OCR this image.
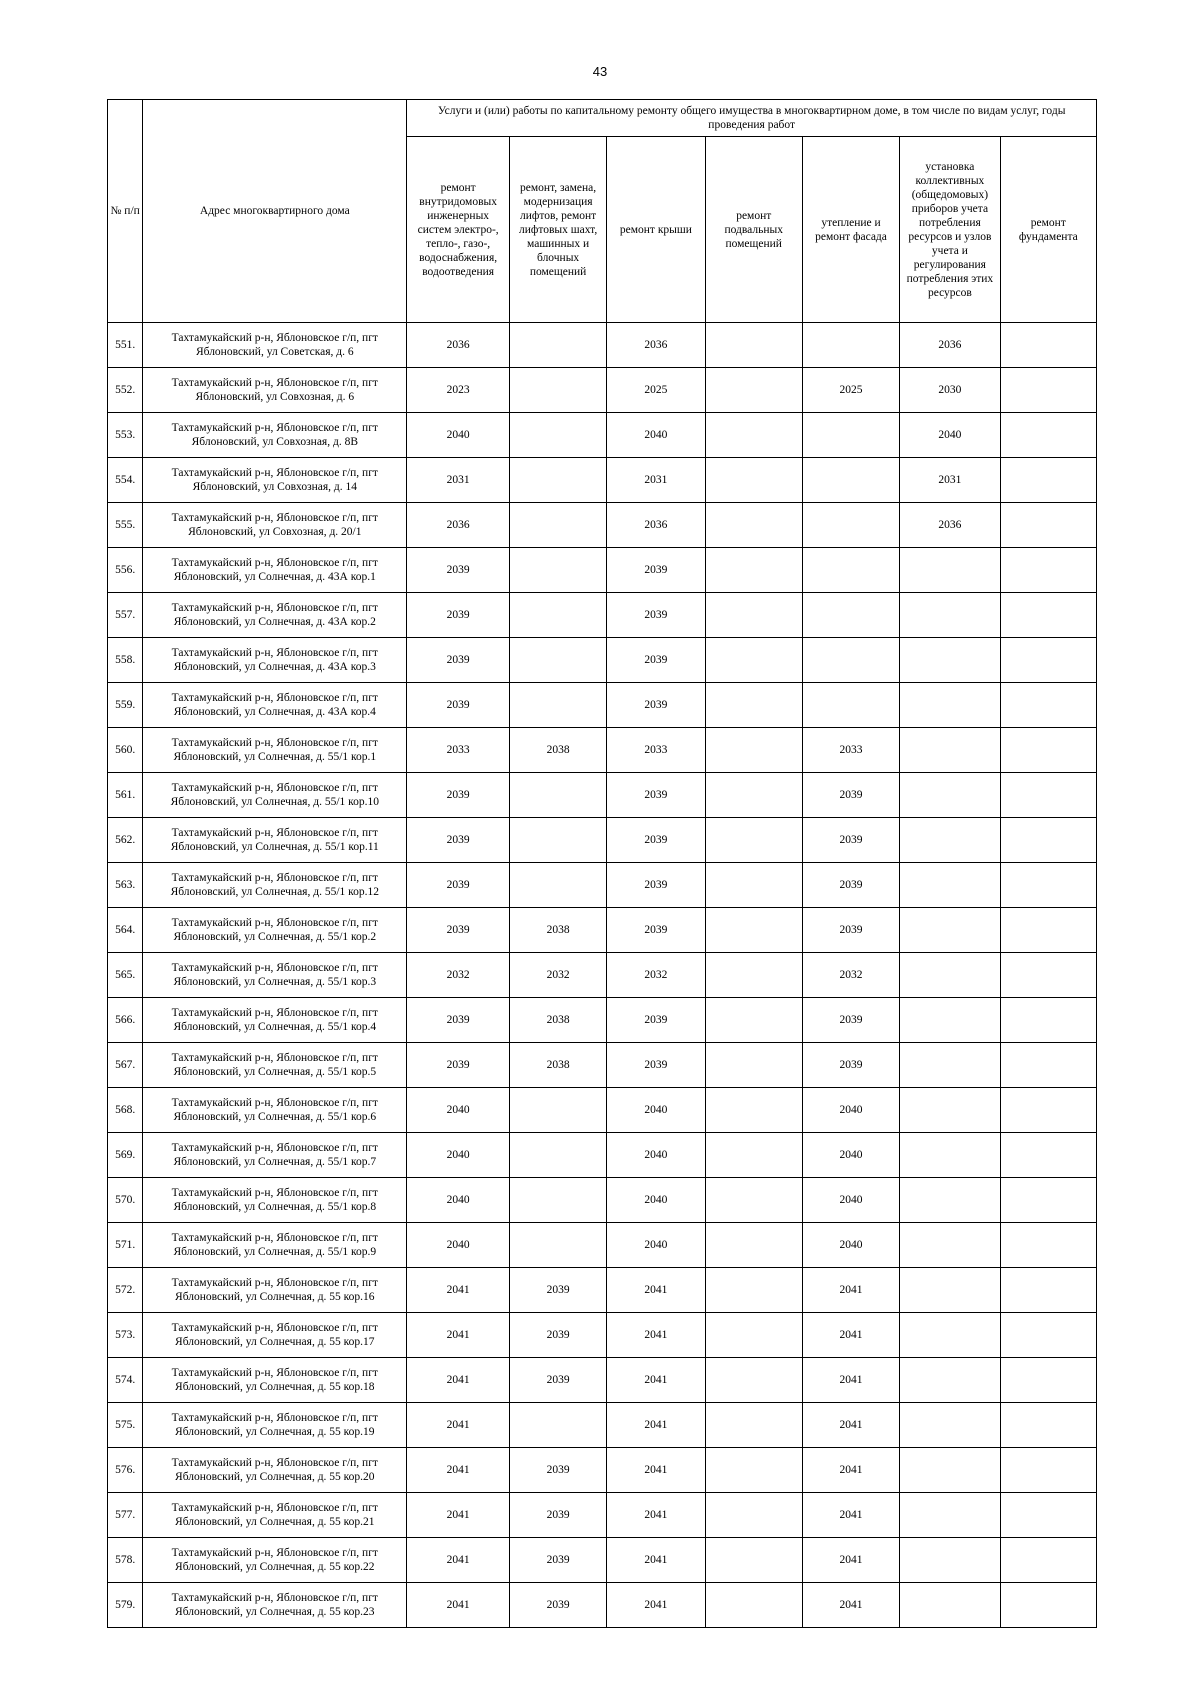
43
№ п/п	Адрес многоквартирного дома	Услуги и (или) работы по капитальному ремонту общего имущества в многоквартирном доме, в том числе по видам услуг, годы проведения работ						
		ремонт внутридомовых инженерных систем электро-, тепло-, газо-, водоснабжения, водоотведения	ремонт, замена, модернизация лифтов, ремонт лифтовых шахт, машинных и блочных помещений	ремонт крыши	ремонт подвальных помещений	утепление и ремонт фасада	установка коллективных (общедомовых) приборов учета потребления ресурсов и узлов учета и регулирования потребления этих ресурсов	ремонт фундамента
551.	Тахтамукайский р-н, Яблоновское г/п, пгт
Яблоновский, ул Советская, д. 6	2036		2036			2036	
552.	Тахтамукайский р-н, Яблоновское г/п, пгт
Яблоновский, ул Совхозная, д. 6	2023		2025		2025	2030	
553.	Тахтамукайский р-н, Яблоновское г/п, пгт
Яблоновский, ул Совхозная, д. 8В	2040		2040			2040	
554.	Тахтамукайский р-н, Яблоновское г/п, пгт
Яблоновский, ул Совхозная, д. 14	2031		2031			2031	
555.	Тахтамукайский р-н, Яблоновское г/п, пгт
Яблоновский, ул Совхозная, д. 20/1	2036		2036			2036	
556.	Тахтамукайский р-н, Яблоновское г/п, пгт
Яблоновский, ул Солнечная, д. 43А кор.1	2039		2039				
557.	Тахтамукайский р-н, Яблоновское г/п, пгт
Яблоновский, ул Солнечная, д. 43А кор.2	2039		2039				
558.	Тахтамукайский р-н, Яблоновское г/п, пгт
Яблоновский, ул Солнечная, д. 43А кор.3	2039		2039				
559.	Тахтамукайский р-н, Яблоновское г/п, пгт
Яблоновский, ул Солнечная, д. 43А кор.4	2039		2039				
560.	Тахтамукайский р-н, Яблоновское г/п, пгт
Яблоновский, ул Солнечная, д. 55/1 кор.1	2033	2038	2033		2033		
561.	Тахтамукайский р-н, Яблоновское г/п, пгт
Яблоновский, ул Солнечная, д. 55/1 кор.10	2039		2039		2039		
562.	Тахтамукайский р-н, Яблоновское г/п, пгт
Яблоновский, ул Солнечная, д. 55/1 кор.11	2039		2039		2039		
563.	Тахтамукайский р-н, Яблоновское г/п, пгт
Яблоновский, ул Солнечная, д. 55/1 кор.12	2039		2039		2039		
564.	Тахтамукайский р-н, Яблоновское г/п, пгт
Яблоновский, ул Солнечная, д. 55/1 кор.2	2039	2038	2039		2039		
565.	Тахтамукайский р-н, Яблоновское г/п, пгт
Яблоновский, ул Солнечная, д. 55/1 кор.3	2032	2032	2032		2032		
566.	Тахтамукайский р-н, Яблоновское г/п, пгт
Яблоновский, ул Солнечная, д. 55/1 кор.4	2039	2038	2039		2039		
567.	Тахтамукайский р-н, Яблоновское г/п, пгт
Яблоновский, ул Солнечная, д. 55/1 кор.5	2039	2038	2039		2039		
568.	Тахтамукайский р-н, Яблоновское г/п, пгт
Яблоновский, ул Солнечная, д. 55/1 кор.6	2040		2040		2040		
569.	Тахтамукайский р-н, Яблоновское г/п, пгт
Яблоновский, ул Солнечная, д. 55/1 кор.7	2040		2040		2040		
570.	Тахтамукайский р-н, Яблоновское г/п, пгт
Яблоновский, ул Солнечная, д. 55/1 кор.8	2040		2040		2040		
571.	Тахтамукайский р-н, Яблоновское г/п, пгт
Яблоновский, ул Солнечная, д. 55/1 кор.9	2040		2040		2040		
572.	Тахтамукайский р-н, Яблоновское г/п, пгт
Яблоновский, ул Солнечная, д. 55 кор.16	2041	2039	2041		2041		
573.	Тахтамукайский р-н, Яблоновское г/п, пгт
Яблоновский, ул Солнечная, д. 55 кор.17	2041	2039	2041		2041		
574.	Тахтамукайский р-н, Яблоновское г/п, пгт
Яблоновский, ул Солнечная, д. 55 кор.18	2041	2039	2041		2041		
575.	Тахтамукайский р-н, Яблоновское г/п, пгт
Яблоновский, ул Солнечная, д. 55 кор.19	2041		2041		2041		
576.	Тахтамукайский р-н, Яблоновское г/п, пгт
Яблоновский, ул Солнечная, д. 55 кор.20	2041	2039	2041		2041		
577.	Тахтамукайский р-н, Яблоновское г/п, пгт
Яблоновский, ул Солнечная, д. 55 кор.21	2041	2039	2041		2041		
578.	Тахтамукайский р-н, Яблоновское г/п, пгт
Яблоновский, ул Солнечная, д. 55 кор.22	2041	2039	2041		2041		
579.	Тахтамукайский р-н, Яблоновское г/п, пгт
Яблоновский, ул Солнечная, д. 55 кор.23	2041	2039	2041		2041		
